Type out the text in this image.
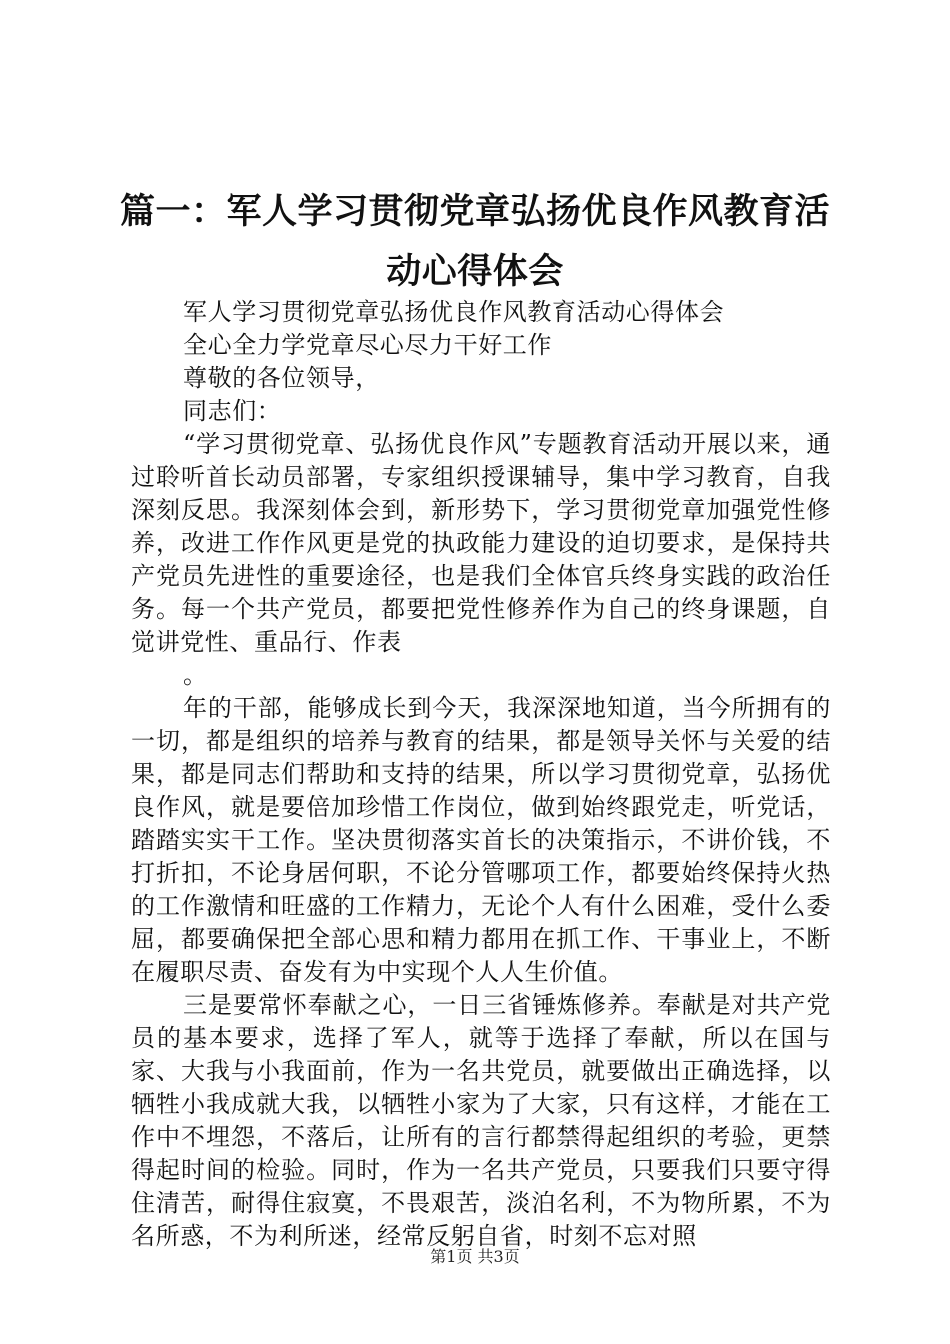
篇一：军人学习贯彻党章弘扬优良作风教育活动心得体会

军人学习贯彻党章弘扬优良作风教育活动心得体会

全心全力学党章尽心尽力干好工作

尊敬的各位领导，

同志们：

“学习贯彻党章、弘扬优良作风”专题教育活动开展以来，通过聆听首长动员部署，专家组织授课辅导，集中学习教育，自我深刻反思。我深刻体会到，新形势下，学习贯彻党章加强党性修养，改进工作作风更是党的执政能力建设的迫切要求，是保持共产党员先进性的重要途径，也是我们全体官兵终身实践的政治任务。每一个共产党员，都要把党性修养作为自己的终身课题，自觉讲党性、重品行、作表

。

年的干部，能够成长到今天，我深深地知道，当今所拥有的一切，都是组织的培养与教育的结果，都是领导关怀与关爱的结果，都是同志们帮助和支持的结果，所以学习贯彻党章，弘扬优良作风，就是要倍加珍惜工作岗位，做到始终跟党走，听党话，踏踏实实干工作。坚决贯彻落实首长的决策指示，不讲价钱，不打折扣，不论身居何职，不论分管哪项工作，都要始终保持火热的工作激情和旺盛的工作精力，无论个人有什么困难，受什么委屈，都要确保把全部心思和精力都用在抓工作、干事业上，不断在履职尽责、奋发有为中实现个人人生价值。

三是要常怀奉献之心，一日三省锤炼修养。奉献是对共产党员的基本要求，选择了军人，就等于选择了奉献，所以在国与家、大我与小我面前，作为一名共党员，就要做出正确选择，以牺牲小我成就大我，以牺牲小家为了大家，只有这样，才能在工作中不埋怨，不落后，让所有的言行都禁得起组织的考验，更禁得起时间的检验。同时，作为一名共产党员，只要我们只要守得住清苦，耐得住寂寞，不畏艰苦，淡泊名利，不为物所累，不为名所惑，不为利所迷，经常反躬自省，时刻不忘对照

第1页 共3页
